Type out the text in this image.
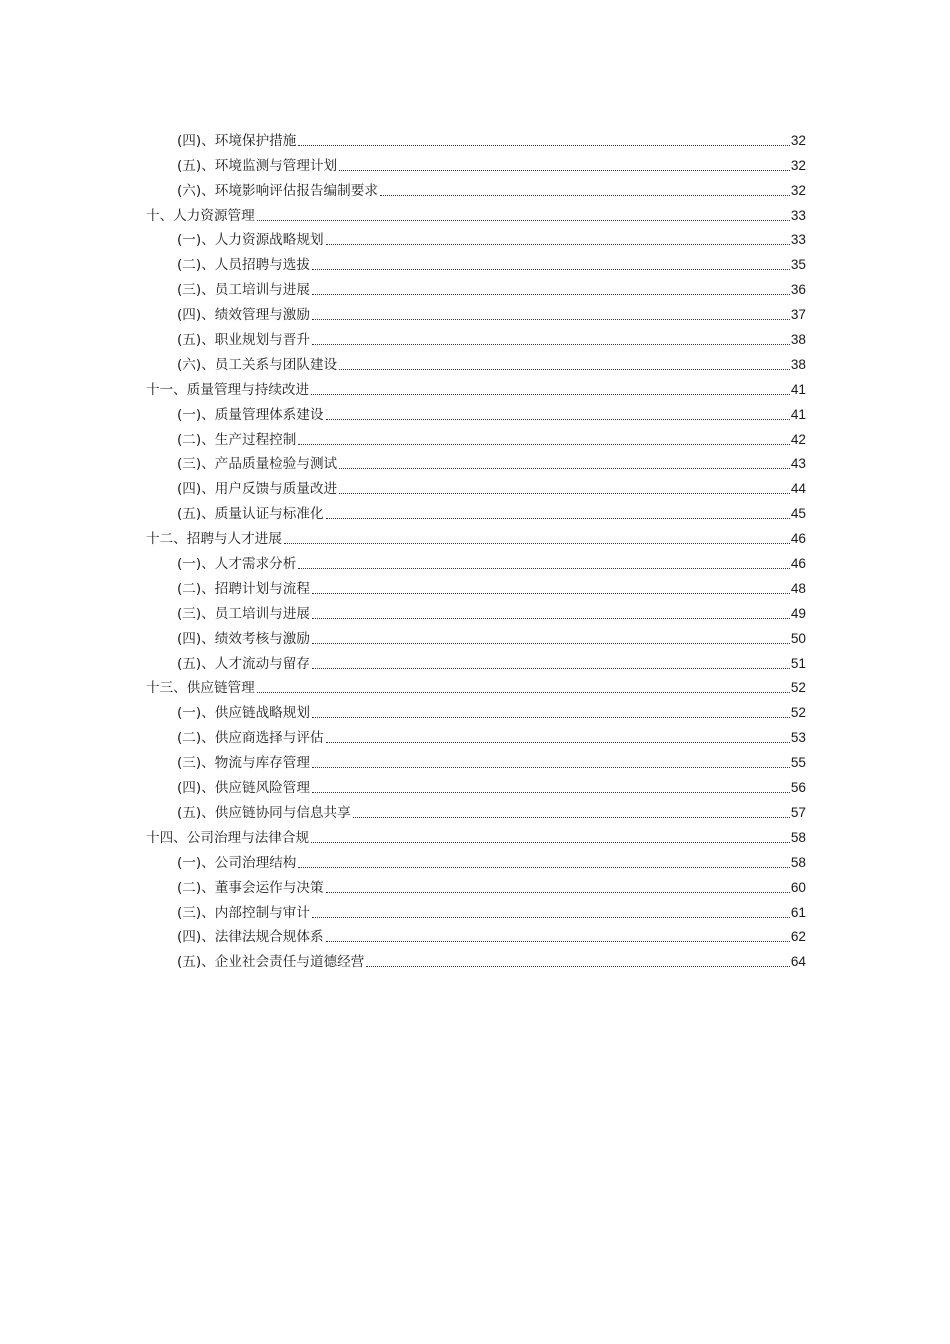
(四)、环境保护措施	32
(五)、环境监测与管理计划	32
(六)、环境影响评估报告编制要求	32
十、人力资源管理	33
(一)、人力资源战略规划	33
(二)、人员招聘与选拔	35
(三)、员工培训与进展	36
(四)、绩效管理与激励	37
(五)、职业规划与晋升	38
(六)、员工关系与团队建设	38
十一、质量管理与持续改进	41
(一)、质量管理体系建设	41
(二)、生产过程控制	42
(三)、产品质量检验与测试	43
(四)、用户反馈与质量改进	44
(五)、质量认证与标准化	45
十二、招聘与人才进展	46
(一)、人才需求分析	46
(二)、招聘计划与流程	48
(三)、员工培训与进展	49
(四)、绩效考核与激励	50
(五)、人才流动与留存	51
十三、供应链管理	52
(一)、供应链战略规划	52
(二)、供应商选择与评估	53
(三)、物流与库存管理	55
(四)、供应链风险管理	56
(五)、供应链协同与信息共享	57
十四、公司治理与法律合规	58
(一)、公司治理结构	58
(二)、董事会运作与决策	60
(三)、内部控制与审计	61
(四)、法律法规合规体系	62
(五)、企业社会责任与道德经营	64
